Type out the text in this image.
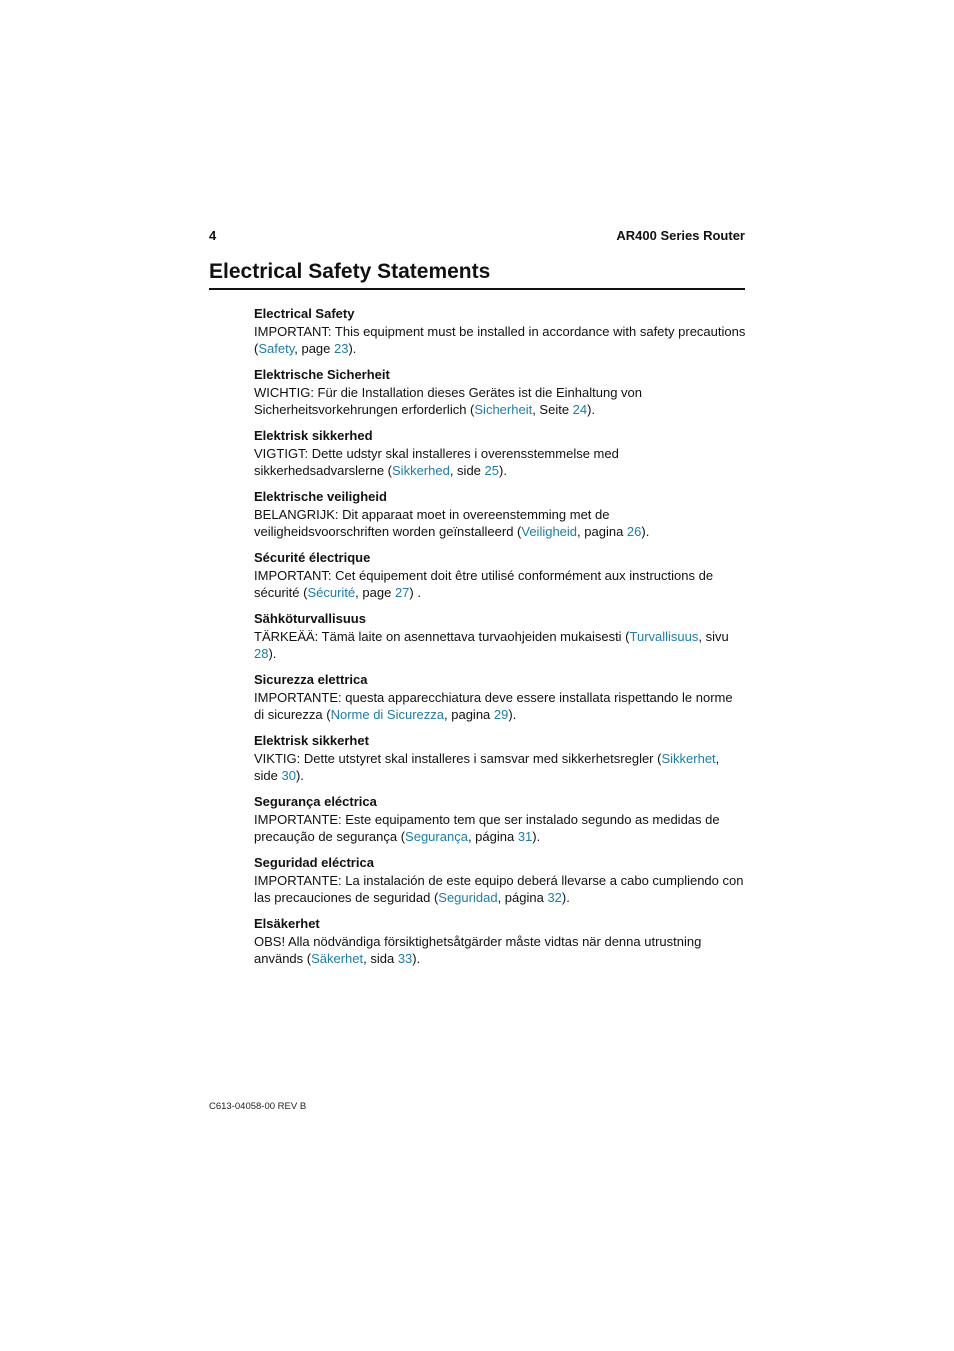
4	AR400 Series Router
Electrical Safety Statements
Electrical Safety
IMPORTANT: This equipment must be installed in accordance with safety precautions (Safety, page 23).
Elektrische Sicherheit
WICHTIG: Für die Installation dieses Gerätes ist die Einhaltung von Sicherheitsvorkehrungen erforderlich (Sicherheit, Seite 24).
Elektrisk sikkerhed
VIGTIGT: Dette udstyr skal installeres i overensstemmelse med sikkerhedsadvarslerne (Sikkerhed, side 25).
Elektrische veiligheid
BELANGRIJK: Dit apparaat moet in overeenstemming met de veiligheidsvoorschriften worden geïnstalleerd (Veiligheid, pagina 26).
Sécurité électrique
IMPORTANT: Cet équipement doit être utilisé conformément aux instructions de sécurité (Sécurité, page 27) .
Sähköturvallisuus
TÄRKEÄÄ: Tämä laite on asennettava turvaohjeiden mukaisesti (Turvallisuus, sivu 28).
Sicurezza elettrica
IMPORTANTE: questa apparecchiatura deve essere installata rispettando le norme di sicurezza (Norme di Sicurezza, pagina 29).
Elektrisk sikkerhet
VIKTIG: Dette utstyret skal installeres i samsvar med sikkerhetsregler (Sikkerhet, side 30).
Segurança eléctrica
IMPORTANTE: Este equipamento tem que ser instalado segundo as medidas de precaução de segurança (Segurança, página 31).
Seguridad eléctrica
IMPORTANTE: La instalación de este equipo deberá llevarse a cabo cumpliendo con las precauciones de seguridad (Seguridad, página 32).
Elsäkerhet
OBS! Alla nödvändiga försiktighetsåtgärder måste vidtas när denna utrustning används (Säkerhet, sida 33).
C613-04058-00 REV B
